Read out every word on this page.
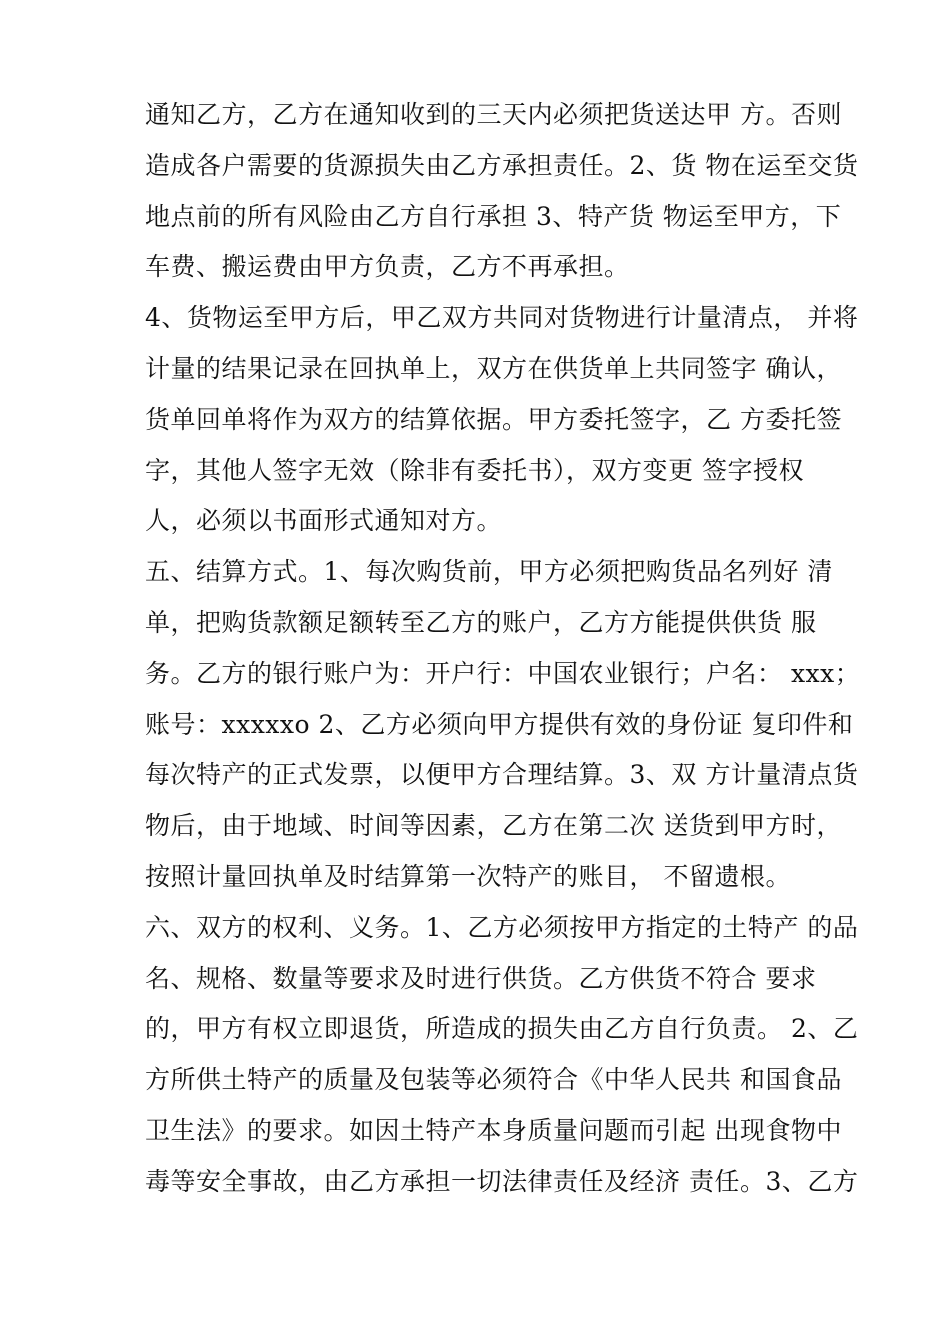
通知乙方，乙方在通知收到的三天内必须把货送达甲 方。否则
造成各户需要的货源损失由乙方承担责任。2、货 物在运至交货
地点前的所有风险由乙方自行承担 3、特产货 物运至甲方，下
车费、搬运费由甲方负责，乙方不再承担。
4、货物运至甲方后，甲乙双方共同对货物进行计量清点， 并将
计量的结果记录在回执单上，双方在供货单上共同签字 确认，
货单回单将作为双方的结算依据。甲方委托签字，乙 方委托签
字，其他人签字无效（除非有委托书），双方变更 签字授权
人，必须以书面形式通知对方。
五、结算方式。1、每次购货前，甲方必须把购货品名列好 清
单，把购货款额足额转至乙方的账户，乙方方能提供供货 服
务。乙方的银行账户为：开户行：中国农业银行；户名： xxx；
账号：xxxxxo 2、乙方必须向甲方提供有效的身份证 复印件和
每次特产的正式发票，以便甲方合理结算。3、双 方计量清点货
物后，由于地域、时间等因素，乙方在第二次 送货到甲方时，
按照计量回执单及时结算第一次特产的账目， 不留遗根。
六、双方的权利、义务。1、乙方必须按甲方指定的土特产 的品
名、规格、数量等要求及时进行供货。乙方供货不符合 要求
的，甲方有权立即退货，所造成的损失由乙方自行负责。 2、乙
方所供土特产的质量及包装等必须符合《中华人民共 和国食品
卫生法》的要求。如因土特产本身质量问题而引起 出现食物中
毒等安全事故，由乙方承担一切法律责任及经济 责任。3、乙方
